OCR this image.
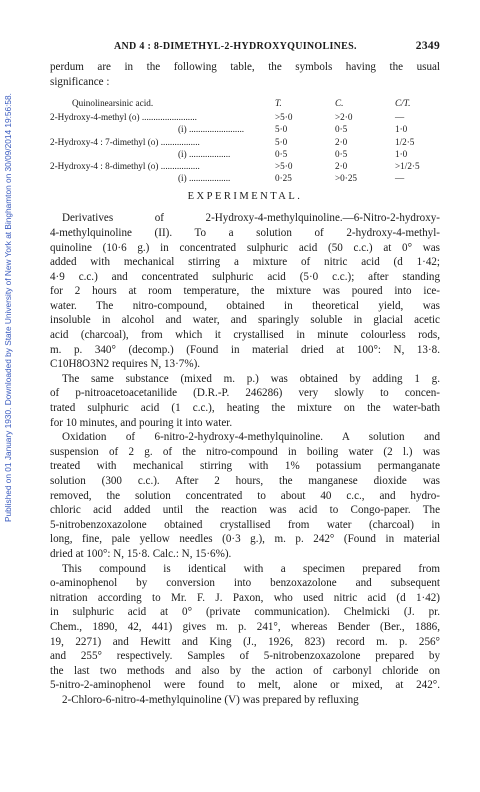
Published on 01 January 1930. Downloaded by State University of New York at Binghamton on 30/09/2014 19:56:58.
AND 4 : 8-DIMETHYL-2-HYDROXYQUINOLINES.	2349
perdum are in the following table, the symbols having the usual
significance :
Quinolinearsinic acid.	T.	C.	C/T.
2-Hydroxy-4-methyl (o) ........................	>5·0	>2·0	—
(i) ........................	5·0	0·5	1·0
2-Hydroxy-4 : 7-dimethyl (o) .................	5·0	2·0	1/2·5
(i) ..................	0·5	0·5	1·0
2-Hydroxy-4 : 8-dimethyl (o) .................	>5·0	2·0	>1/2·5
(i) ..................	0·25	>0·25	—
EXPERIMENTAL.
Derivatives of 2-Hydroxy-4-methylquinoline.—6-Nitro-2-hydroxy-
4-methylquinoline (II). To a solution of 2-hydroxy-4-methyl-
quinoline (10·6 g.) in concentrated sulphuric acid (50 c.c.) at 0° was
added with mechanical stirring a mixture of nitric acid (d 1·42;
4·9 c.c.) and concentrated sulphuric acid (5·0 c.c.); after standing
for 2 hours at room temperature, the mixture was poured into ice-
water. The nitro-compound, obtained in theoretical yield, was
insoluble in alcohol and water, and sparingly soluble in glacial acetic
acid (charcoal), from which it crystallised in minute colourless rods,
m. p. 340° (decomp.) (Found in material dried at 100°: N, 13·8.
C10H8O3N2 requires N, 13·7%).
The same substance (mixed m. p.) was obtained by adding 1 g.
of p-nitroacetoacetanilide (D.R.-P. 246286) very slowly to concen-
trated sulphuric acid (1 c.c.), heating the mixture on the water-bath
for 10 minutes, and pouring it into water.
Oxidation of 6-nitro-2-hydroxy-4-methylquinoline. A solution and
suspension of 2 g. of the nitro-compound in boiling water (2 l.) was
treated with mechanical stirring with 1% potassium permanganate
solution (300 c.c.). After 2 hours, the manganese dioxide was
removed, the solution concentrated to about 40 c.c., and hydro-
chloric acid added until the reaction was acid to Congo-paper. The
5-nitrobenzoxazolone obtained crystallised from water (charcoal) in
long, fine, pale yellow needles (0·3 g.), m. p. 242° (Found in material
dried at 100°: N, 15·8. Calc.: N, 15·6%).
This compound is identical with a specimen prepared from
o-aminophenol by conversion into benzoxazolone and subsequent
nitration according to Mr. F. J. Paxon, who used nitric acid (d 1·42)
in sulphuric acid at 0° (private communication). Chelmicki (J. pr.
Chem., 1890, 42, 441) gives m. p. 241°, whereas Bender (Ber., 1886,
19, 2271) and Hewitt and King (J., 1926, 823) record m. p. 256°
and 255° respectively. Samples of 5-nitrobenzoxazolone prepared by
the last two methods and also by the action of carbonyl chloride on
5-nitro-2-aminophenol were found to melt, alone or mixed, at 242°.
2-Chloro-6-nitro-4-methylquinoline (V) was prepared by refluxing
